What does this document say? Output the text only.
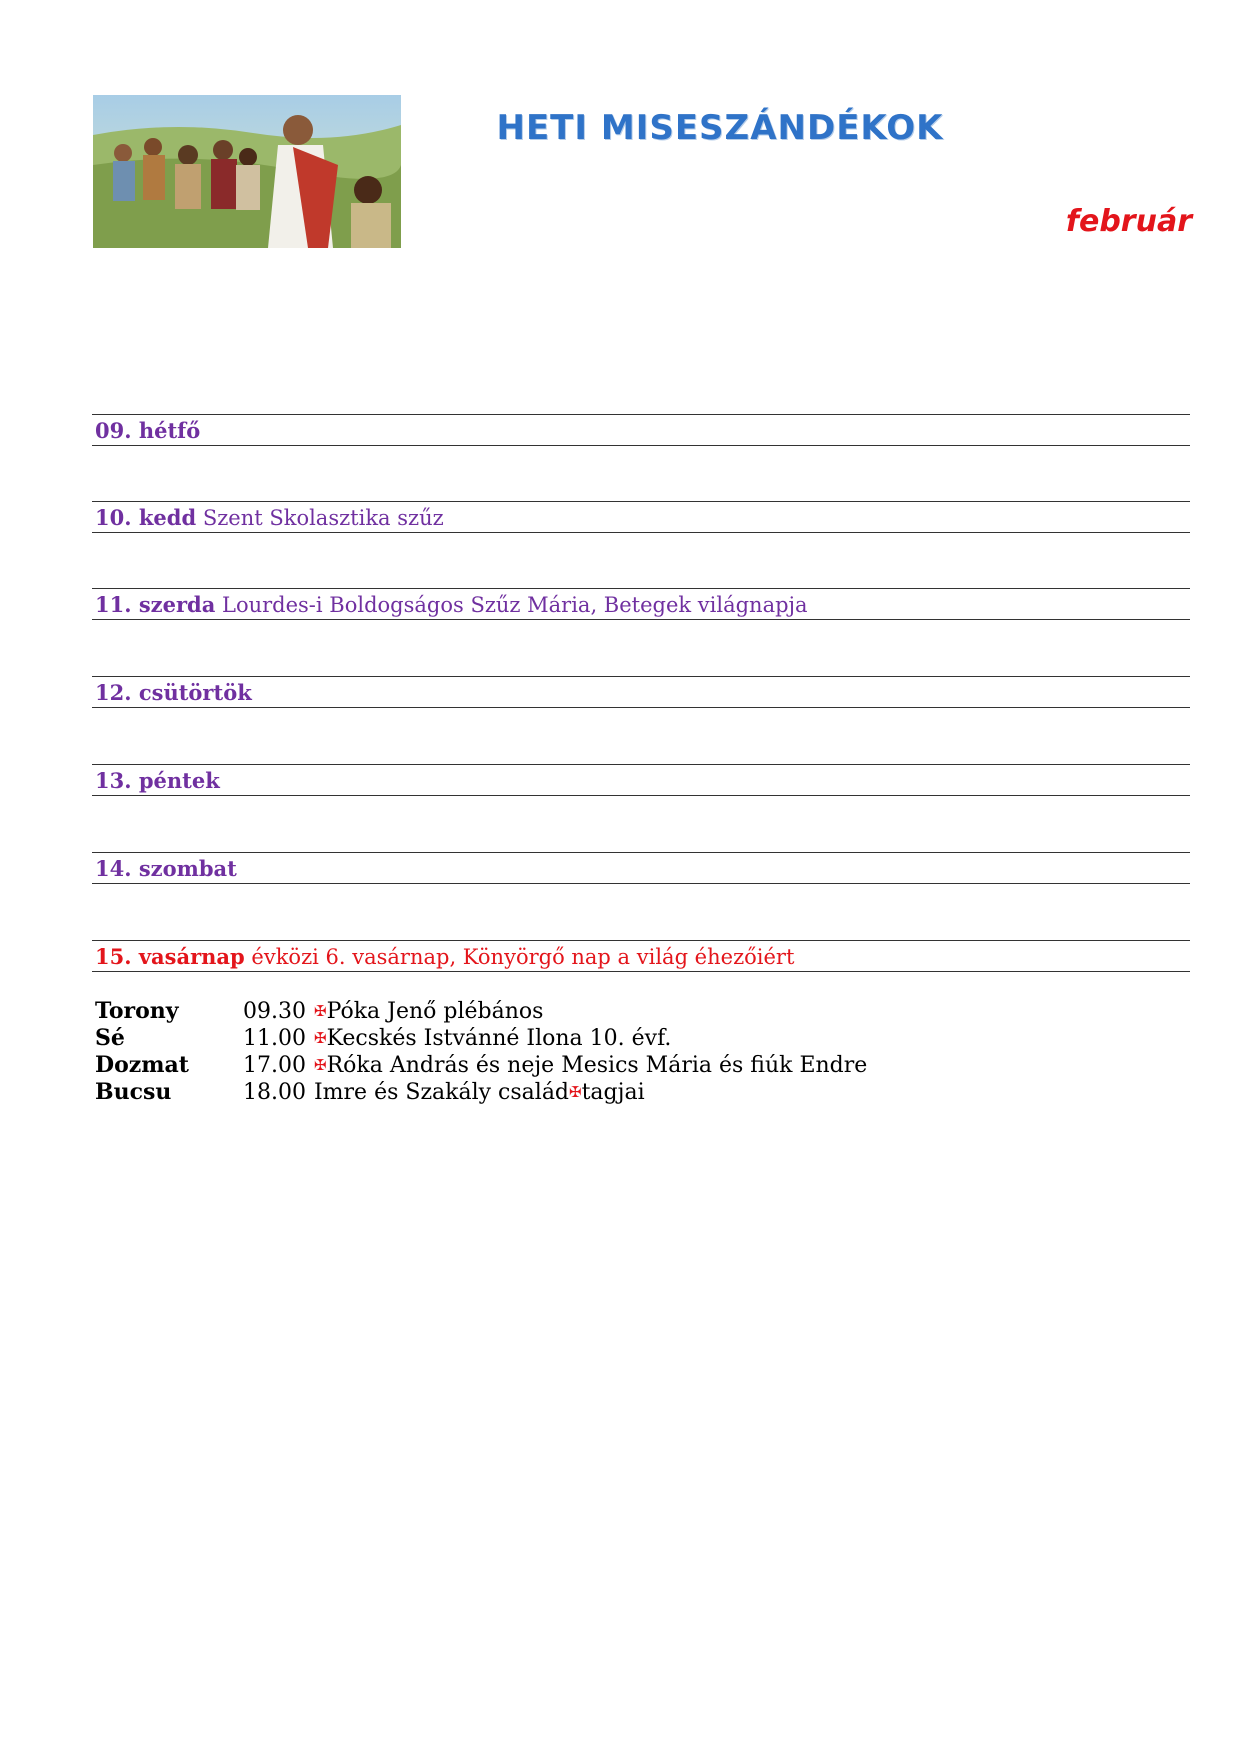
HETI MISESZÁNDÉKOK
február
09. hétfő
10. kedd Szent Skolasztika szűz
11. szerda Lourdes-i Boldogságos Szűz Mária, Betegek világnapja
12. csütörtök
13. péntek
14. szombat
15. vasárnap évközi 6. vasárnap, Könyörgő nap a világ éhezőiért
Torony	09.30 ✠ Póka Jenő plébános
Sé	11.00 ✠ Kecskés Istvánné Ilona 10. évf.
Dozmat	17.00 ✠ Róka András és neje Mesics Mária és fiúk Endre
Bucsu	18.00 Imre és Szakály család ✠ tagjai
